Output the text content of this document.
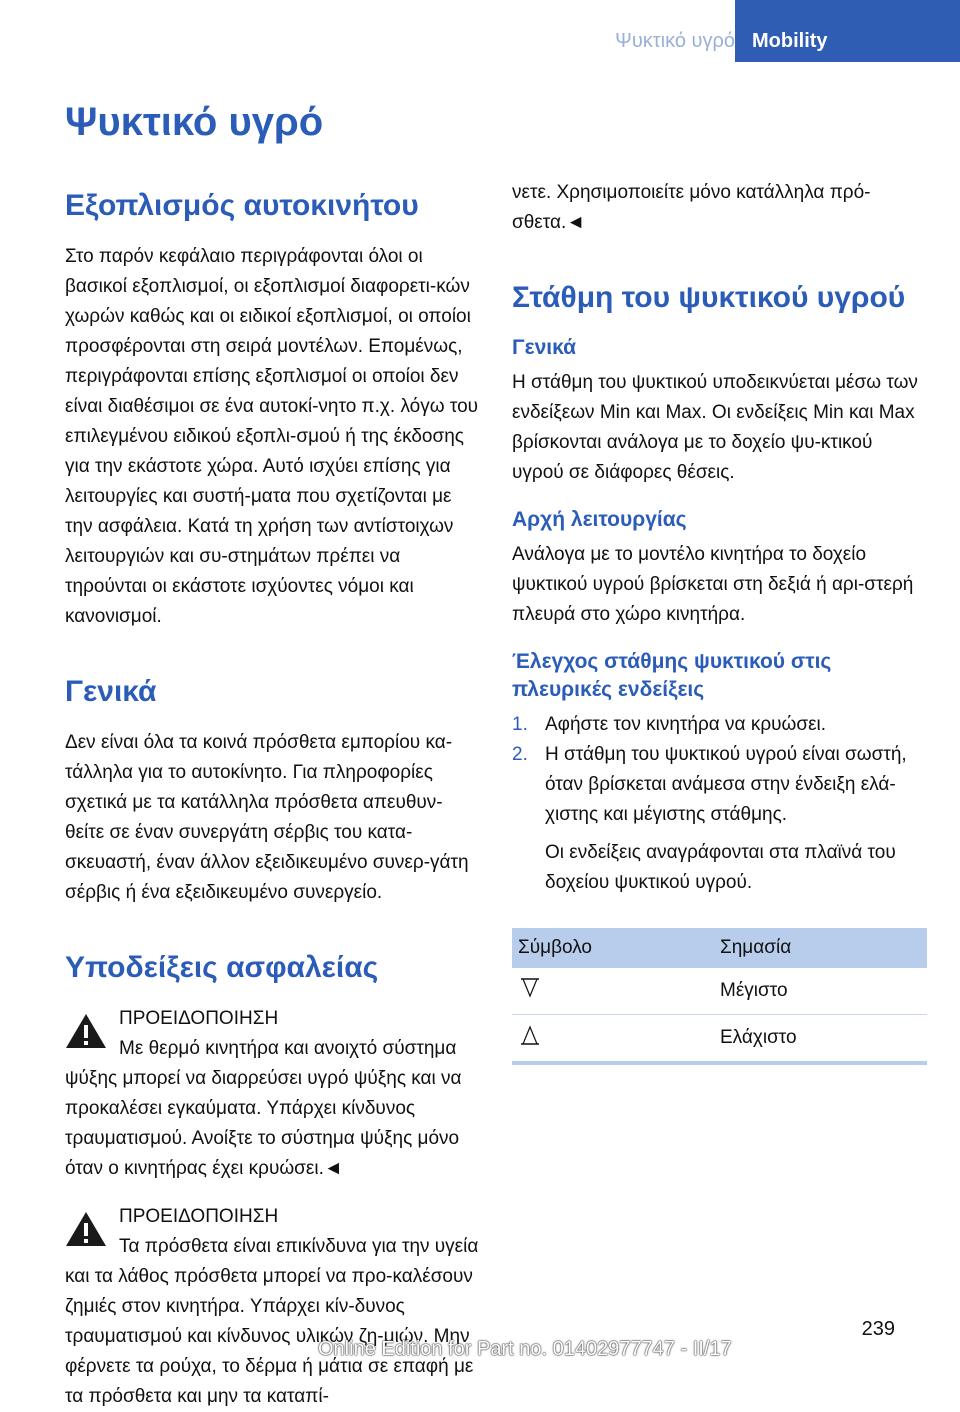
Ψυκτικό υγρό Mobility
Ψυκτικό υγρό
Εξοπλισμός αυτοκινήτου

Στο παρόν κεφάλαιο περιγράφονται όλοι οι βασικοί εξοπλισμοί, οι εξοπλισμοί διαφορετι-κών χωρών καθώς και οι ειδικοί εξοπλισμοί, οι οποίοι προσφέρονται στη σειρά μοντέλων. Επομένως, περιγράφονται επίσης εξοπλισμοί οι οποίοι δεν είναι διαθέσιμοι σε ένα αυτοκί-νητο π.χ. λόγω του επιλεγμένου ειδικού εξοπλι-σμού ή της έκδοσης για την εκάστοτε χώρα. Αυτό ισχύει επίσης για λειτουργίες και συστή-ματα που σχετίζονται με την ασφάλεια. Κατά τη χρήση των αντίστοιχων λειτουργιών και συ-στημάτων πρέπει να τηρούνται οι εκάστοτε ισχύοντες νόμοι και κανονισμοί.

Γενικά

Δεν είναι όλα τα κοινά πρόσθετα εμπορίου κα-τάλληλα για το αυτοκίνητο. Για πληροφορίες σχετικά με τα κατάλληλα πρόσθετα απευθυν-θείτε σε έναν συνεργάτη σέρβις του κατα-σκευαστή, έναν άλλον εξειδικευμένο συνερ-γάτη σέρβις ή ένα εξειδικευμένο συνεργείο.

Υποδείξεις ασφαλείας

ΠΡΟΕΙΔΟΠΟΙΗΣΗ

Με θερμό κινητήρα και ανοιχτό σύστημα ψύξης μπορεί να διαρρεύσει υγρό ψύξης και να προκαλέσει εγκαύματα. Υπάρχει κίνδυνος τραυματισμού. Ανοίξτε το σύστημα ψύξης μόνο όταν ο κινητήρας έχει κρυώσει.◄

ΠΡΟΕΙΔΟΠΟΙΗΣΗ

Τα πρόσθετα είναι επικίνδυνα για την υγεία και τα λάθος πρόσθετα μπορεί να προ-καλέσουν ζημιές στον κινητήρα. Υπάρχει κίν-δυνος τραυματισμού και κίνδυνος υλικών ζη-μιών. Μην φέρνετε τα ρούχα, το δέρμα ή μάτια σε επαφή με τα πρόσθετα και μην τα καταπί-

νετε. Χρησιμοποιείτε μόνο κατάλληλα πρό-σθετα.◄

Στάθμη του ψυκτικού υγρού
Γενικά

Η στάθμη του ψυκτικού υποδεικνύεται μέσω των ενδείξεων Min και Max. Οι ενδείξεις Min και Max βρίσκονται ανάλογα με το δοχείο ψυ-κτικού υγρού σε διάφορες θέσεις.

Αρχή λειτουργίας

Ανάλογα με το μοντέλο κινητήρα το δοχείο ψυκτικού υγρού βρίσκεται στη δεξιά ή αρι-στερή πλευρά στο χώρο κινητήρα.

Έλεγχος στάθμης ψυκτικού στις πλευρικές ενδείξεις
1. Αφήστε τον κινητήρα να κρυώσει.
2. Η στάθμη του ψυκτικού υγρού είναι σωστή, όταν βρίσκεται ανάμεσα στην ένδειξη ελά-χιστης και μέγιστης στάθμης.
Οι ενδείξεις αναγράφονται στα πλαϊνά του δοχείου ψυκτικού υγρού.
Σύμβολο	Σημασία
	Μέγιστο
	Ελάχιστο
239
Online Edition for Part no. 01402977747 - II/17
